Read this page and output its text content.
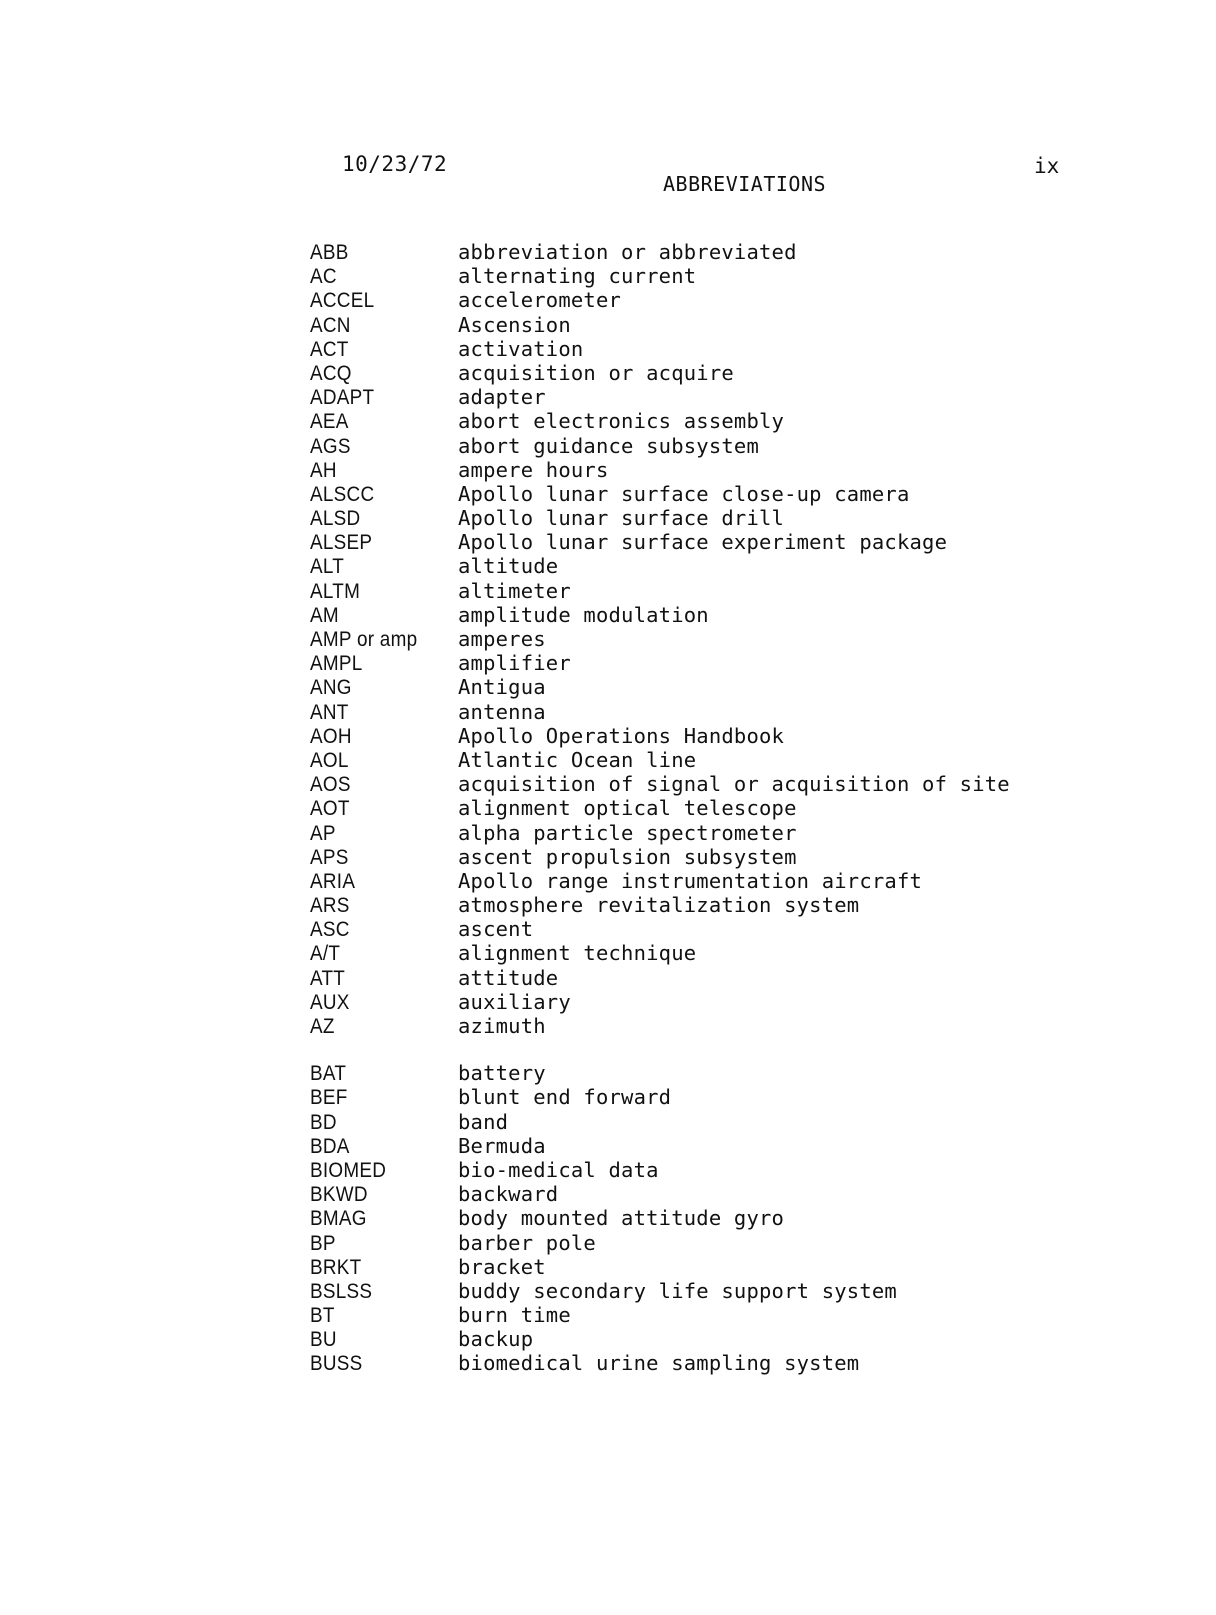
10/23/72
ABBREVIATIONS
ix
ABB	abbreviation or abbreviated
AC	alternating current
ACCEL	accelerometer
ACN	Ascension
ACT	activation
ACQ	acquisition or acquire
ADAPT	adapter
AEA	abort electronics assembly
AGS	abort guidance subsystem
AH	ampere hours
ALSCC	Apollo lunar surface close-up camera
ALSD	Apollo lunar surface drill
ALSEP	Apollo lunar surface experiment package
ALT	altitude
ALTM	altimeter
AM	amplitude modulation
AMP or amp	amperes
AMPL	amplifier
ANG	Antigua
ANT	antenna
AOH	Apollo Operations Handbook
AOL	Atlantic Ocean line
AOS	acquisition of signal or acquisition of site
AOT	alignment optical telescope
AP	alpha particle spectrometer
APS	ascent propulsion subsystem
ARIA	Apollo range instrumentation aircraft
ARS	atmosphere revitalization system
ASC	ascent
A/T	alignment technique
ATT	attitude
AUX	auxiliary
AZ	azimuth
BAT	battery
BEF	blunt end forward
BD	band
BDA	Bermuda
BIOMED	bio-medical data
BKWD	backward
BMAG	body mounted attitude gyro
BP	barber pole
BRKT	bracket
BSLSS	buddy secondary life support system
BT	burn time
BU	backup
BUSS	biomedical urine sampling system
